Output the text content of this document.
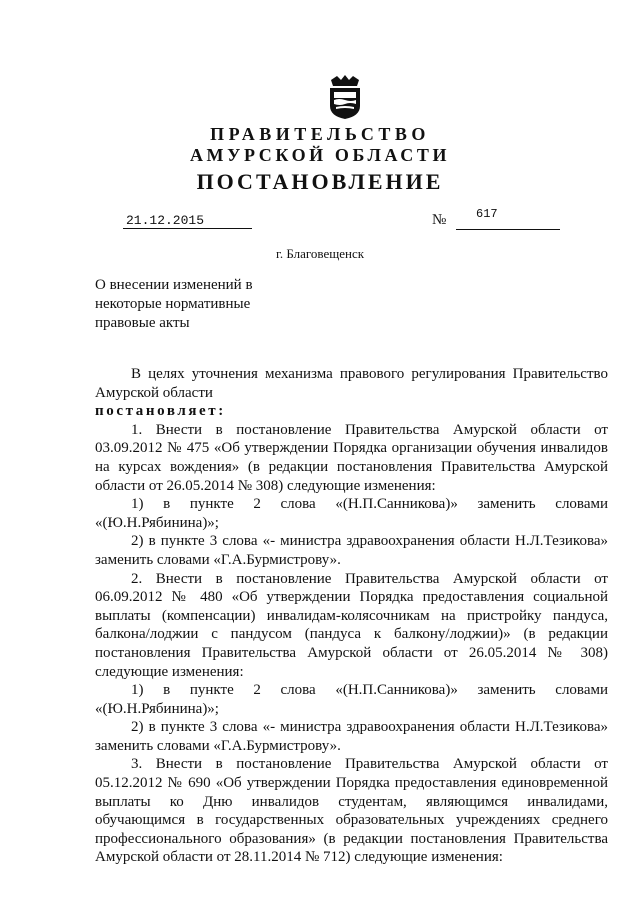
ПРАВИТЕЛЬСТВО
АМУРСКОЙ ОБЛАСТИ
ПОСТАНОВЛЕНИЕ
21.12.2015	№	617
г. Благовещенск
О внесении изменений в некоторые нормативные правовые акты

В целях уточнения механизма правового регулирования Правительство Амурской области

постановляет:

1. Внести в постановление Правительства Амурской области от 03.09.2012 № 475 «Об утверждении Порядка организации обучения инвалидов на курсах вождения» (в редакции постановления Правительства Амурской области от 26.05.2014 № 308) следующие изменения:

1) в пункте 2 слова «(Н.П.Санникова)» заменить словами «(Ю.Н.Рябинина)»;

2) в пункте 3 слова «- министра здравоохранения области Н.Л.Тезикова» заменить словами «Г.А.Бурмистрову».

2. Внести в постановление Правительства Амурской области от 06.09.2012 № 480 «Об утверждении Порядка предоставления социальной выплаты (компенсации) инвалидам-колясочникам на пристройку пандуса, балкона/лоджии с пандусом (пандуса к балкону/лоджии)» (в редакции постановления Правительства Амурской области от 26.05.2014 № 308) следующие изменения:

1) в пункте 2 слова «(Н.П.Санникова)» заменить словами «(Ю.Н.Рябинина)»;

2) в пункте 3 слова «- министра здравоохранения области Н.Л.Тезикова» заменить словами «Г.А.Бурмистрову».

3. Внести в постановление Правительства Амурской области от 05.12.2012 № 690 «Об утверждении Порядка предоставления единовременной выплаты ко Дню инвалидов студентам, являющимся инвалидами, обучающимся в государственных образовательных учреждениях среднего профессионального образования» (в редакции постановления Правительства Амурской области от 28.11.2014 № 712) следующие изменения:
